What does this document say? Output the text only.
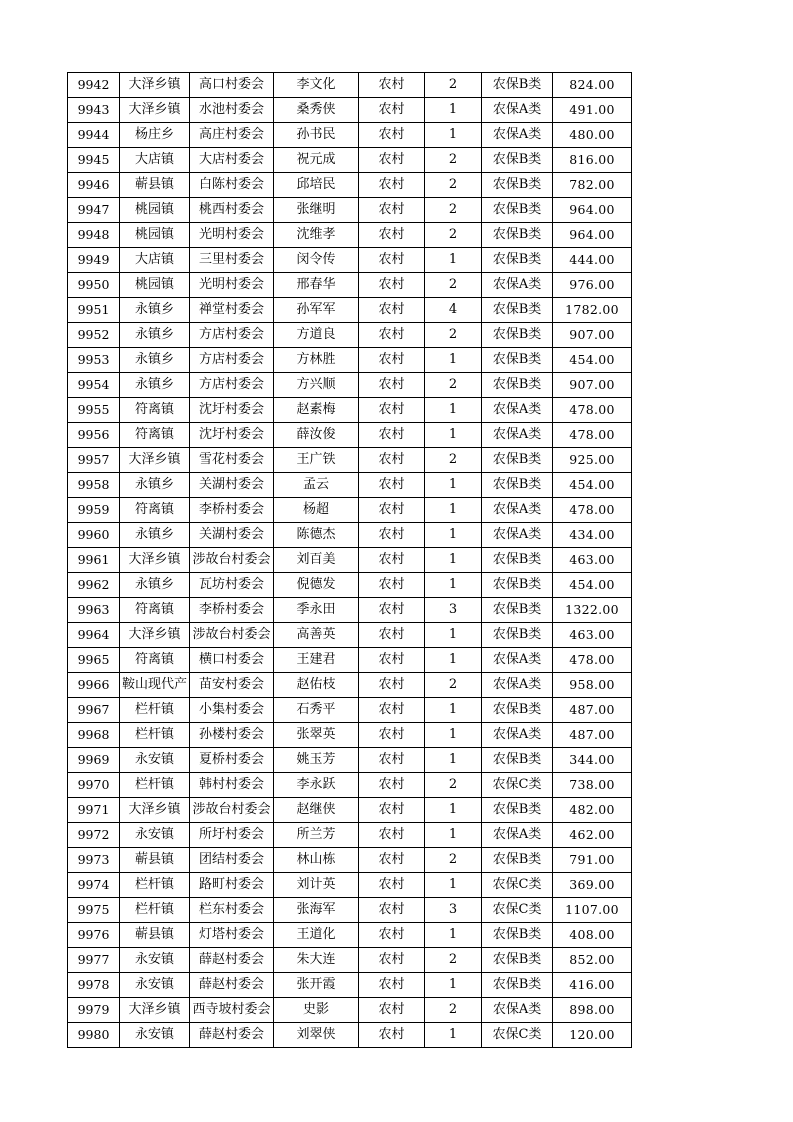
9942	大泽乡镇	高口村委会	李文化	农村	2	农保B类	824.00
9943	大泽乡镇	水池村委会	桑秀侠	农村	1	农保A类	491.00
9944	杨庄乡	高庄村委会	孙书民	农村	1	农保A类	480.00
9945	大店镇	大店村委会	祝元成	农村	2	农保B类	816.00
9946	蕲县镇	白陈村委会	邱培民	农村	2	农保B类	782.00
9947	桃园镇	桃西村委会	张继明	农村	2	农保B类	964.00
9948	桃园镇	光明村委会	沈维孝	农村	2	农保B类	964.00
9949	大店镇	三里村委会	闵令传	农村	1	农保B类	444.00
9950	桃园镇	光明村委会	邢春华	农村	2	农保A类	976.00
9951	永镇乡	禅堂村委会	孙军军	农村	4	农保B类	1782.00
9952	永镇乡	方店村委会	方道良	农村	2	农保B类	907.00
9953	永镇乡	方店村委会	方林胜	农村	1	农保B类	454.00
9954	永镇乡	方店村委会	方兴顺	农村	2	农保B类	907.00
9955	符离镇	沈圩村委会	赵素梅	农村	1	农保A类	478.00
9956	符离镇	沈圩村委会	薛汝俊	农村	1	农保A类	478.00
9957	大泽乡镇	雪花村委会	王广铁	农村	2	农保B类	925.00
9958	永镇乡	关湖村委会	孟云	农村	1	农保B类	454.00
9959	符离镇	李桥村委会	杨超	农村	1	农保A类	478.00
9960	永镇乡	关湖村委会	陈德杰	农村	1	农保A类	434.00
9961	大泽乡镇	涉故台村委会	刘百美	农村	1	农保B类	463.00
9962	永镇乡	瓦坊村委会	倪德发	农村	1	农保B类	454.00
9963	符离镇	李桥村委会	季永田	农村	3	农保B类	1322.00
9964	大泽乡镇	涉故台村委会	高善英	农村	1	农保B类	463.00
9965	符离镇	横口村委会	王建君	农村	1	农保A类	478.00
9966	鞍山现代产	苗安村委会	赵佑枝	农村	2	农保A类	958.00
9967	栏杆镇	小集村委会	石秀平	农村	1	农保B类	487.00
9968	栏杆镇	孙楼村委会	张翠英	农村	1	农保A类	487.00
9969	永安镇	夏桥村委会	姚玉芳	农村	1	农保B类	344.00
9970	栏杆镇	韩村村委会	李永跃	农村	2	农保C类	738.00
9971	大泽乡镇	涉故台村委会	赵继侠	农村	1	农保B类	482.00
9972	永安镇	所圩村委会	所兰芳	农村	1	农保A类	462.00
9973	蕲县镇	团结村委会	林山栋	农村	2	农保B类	791.00
9974	栏杆镇	路町村委会	刘计英	农村	1	农保C类	369.00
9975	栏杆镇	栏东村委会	张海军	农村	3	农保C类	1107.00
9976	蕲县镇	灯塔村委会	王道化	农村	1	农保B类	408.00
9977	永安镇	薛赵村委会	朱大连	农村	2	农保B类	852.00
9978	永安镇	薛赵村委会	张开霞	农村	1	农保B类	416.00
9979	大泽乡镇	西寺坡村委会	史影	农村	2	农保A类	898.00
9980	永安镇	薛赵村委会	刘翠侠	农村	1	农保C类	120.00
